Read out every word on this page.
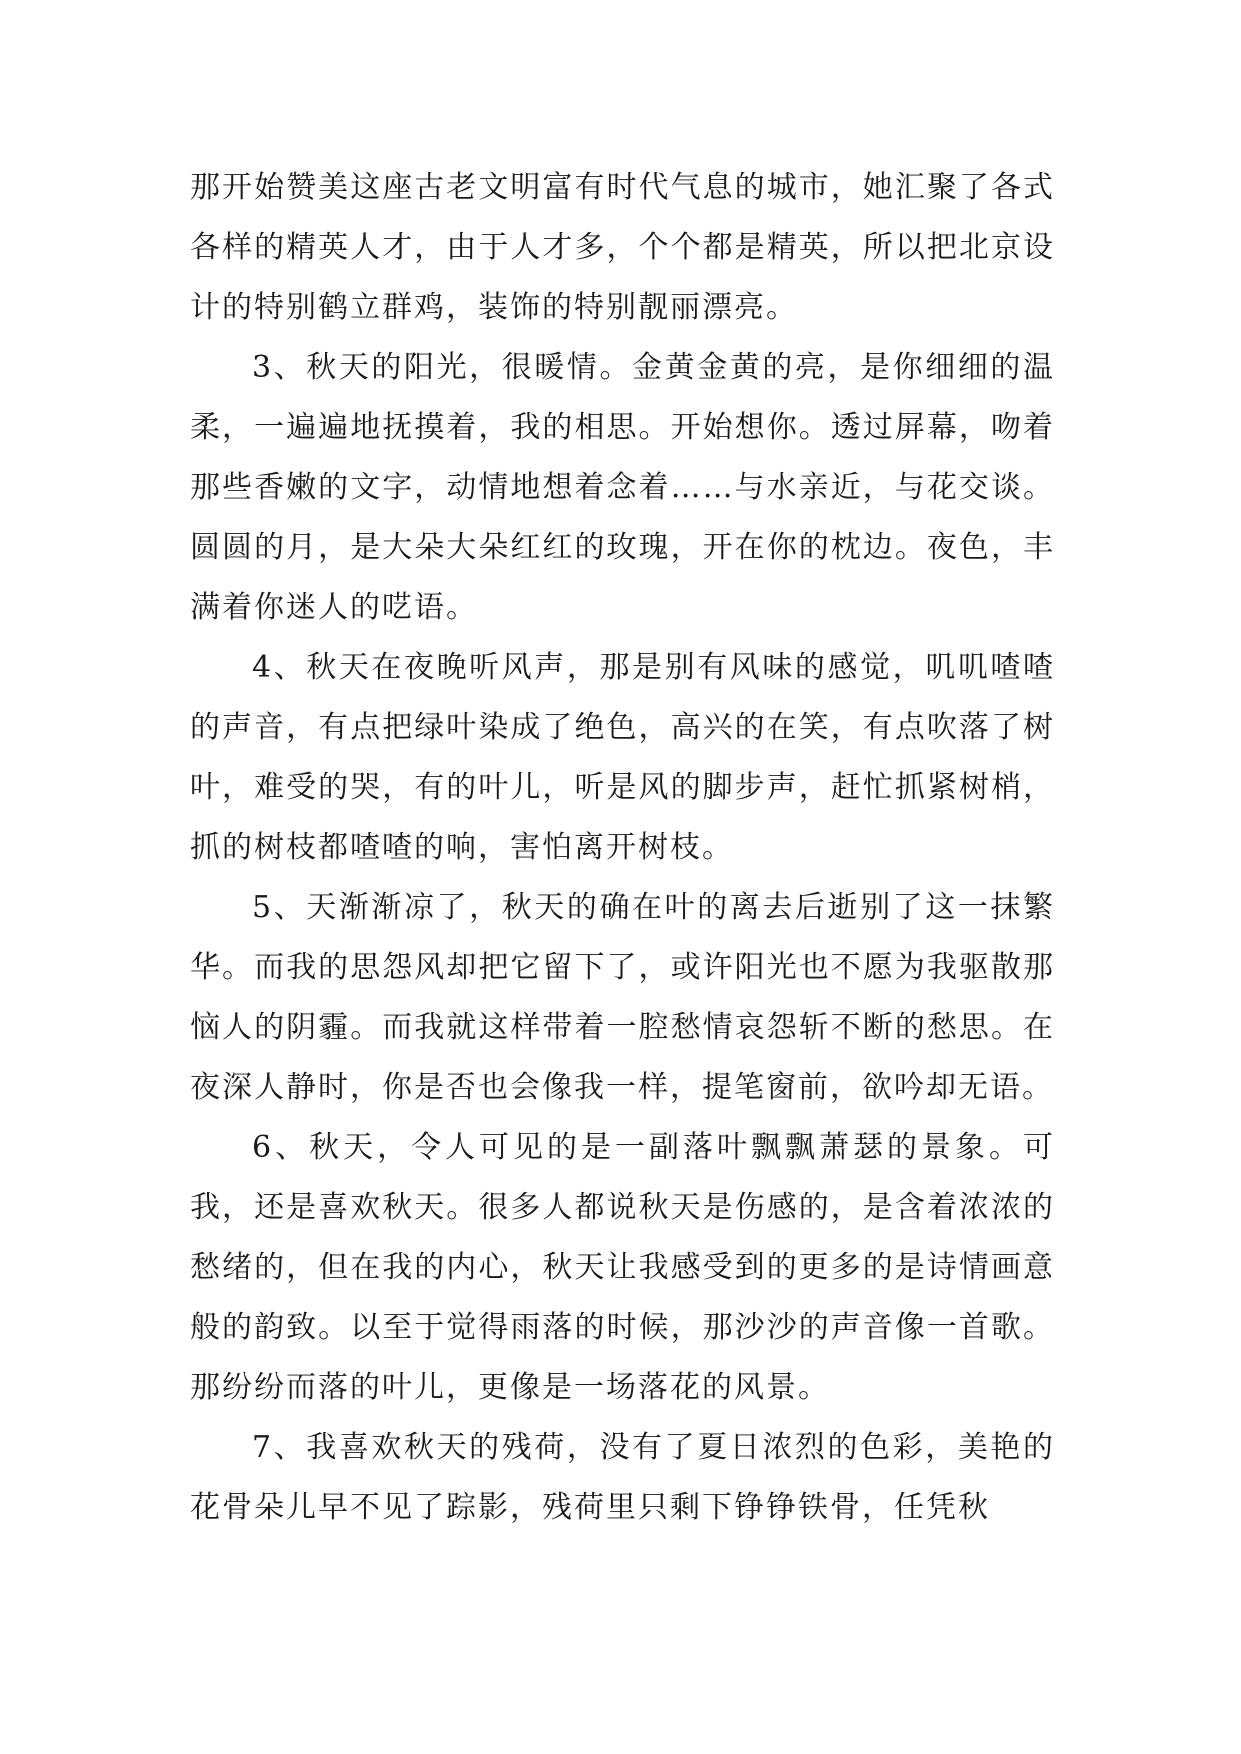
那开始赞美这座古老文明富有时代气息的城市，她汇聚了各式各样的精英人才，由于人才多，个个都是精英，所以把北京设计的特别鹤立群鸡，装饰的特别靓丽漂亮。

3、秋天的阳光，很暖情。金黄金黄的亮，是你细细的温柔，一遍遍地抚摸着，我的相思。开始想你。透过屏幕，吻着那些香嫩的文字，动情地想着念着……与水亲近，与花交谈。圆圆的月，是大朵大朵红红的玫瑰，开在你的枕边。夜色，丰满着你迷人的呓语。

4、秋天在夜晚听风声，那是别有风味的感觉，叽叽喳喳的声音，有点把绿叶染成了绝色，高兴的在笑，有点吹落了树叶，难受的哭，有的叶儿，听是风的脚步声，赶忙抓紧树梢，抓的树枝都喳喳的响，害怕离开树枝。

5、天渐渐凉了，秋天的确在叶的离去后逝别了这一抹繁华。而我的思怨风却把它留下了，或许阳光也不愿为我驱散那恼人的阴霾。而我就这样带着一腔愁情哀怨斩不断的愁思。在夜深人静时，你是否也会像我一样，提笔窗前，欲吟却无语。

6、秋天，令人可见的是一副落叶飘飘萧瑟的景象。可我，还是喜欢秋天。很多人都说秋天是伤感的，是含着浓浓的愁绪的，但在我的内心，秋天让我感受到的更多的是诗情画意般的韵致。以至于觉得雨落的时候，那沙沙的声音像一首歌。那纷纷而落的叶儿，更像是一场落花的风景。

7、我喜欢秋天的残荷，没有了夏日浓烈的色彩，美艳的花骨朵儿早不见了踪影，残荷里只剩下铮铮铁骨，任凭秋
